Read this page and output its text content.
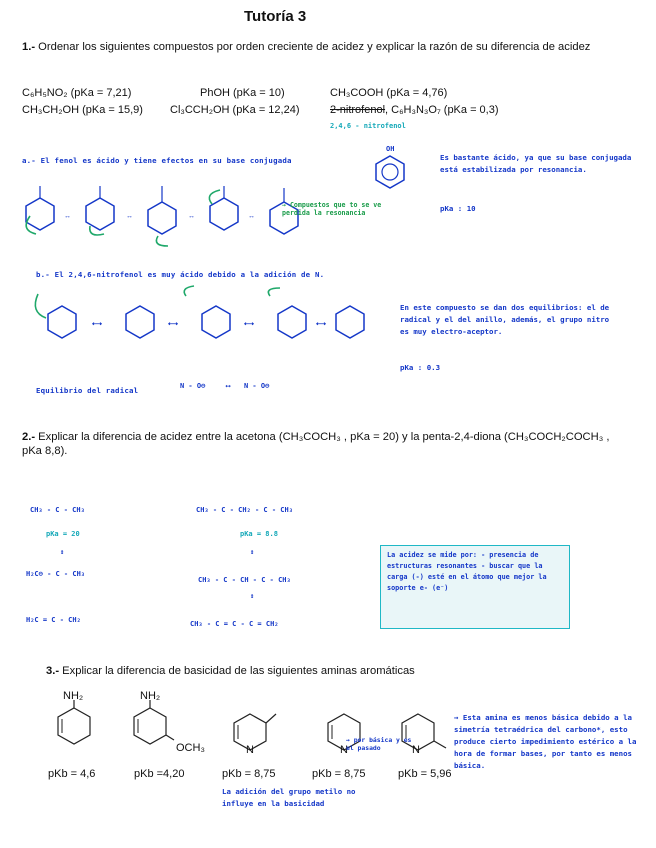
Tutoría 3
1.- Ordenar los siguientes compuestos por orden creciente de acidez y explicar la razón de su diferencia de acidez
C₆H₅NO₂ (pKa = 7,21)	PhOH (pKa = 10)	CH₃COOH (pKa = 4,76)
CH₃CH₂OH (pKa = 15,9) Cl₃CCH₂OH (pKa = 12,24)	2-nitrofenol, C₆H₃N₃O₇ (pKa = 0,3)
2,4,6 - nitrofenol
a.- El fenol es ácido y tiene efectos en su base conjugada
OH
Es bastante ácido, ya que su base conjugada está estabilizada por resonancia.
pKa : 10
↔	↔	↔	↔
→ Compuestos que to se ve perdida la resonancia
b.- El 2,4,6-nitrofenol es muy ácido debido a la adición de N.
⟷	⟷	⟷	⟷
En este compuesto se dan dos equilibrios: el de radical y el del anillo, además, el grupo nitro es muy electro-aceptor.
pKa : 0.3
Equilibrio del radical	N - O⊖	N - O⊖
⟷
2.- Explicar la diferencia de acidez entre la acetona (CH₃COCH₃ , pKa = 20) y la penta-2,4-diona (CH₃COCH₂COCH₃ , pKa 8,8).
CH₃ - C - CH₃
pKa = 20
↕
H₂C⊖ - C - CH₃
H₂C = C - CH₂
CH₃ - C - CH₂ - C - CH₃
pKa = 8.8
↕
CH₃ - C - CH - C - CH₃
↕
CH₃ - C = C - C = CH₂
La acidez se mide por: - presencia de estructuras resonantes - buscar que la carga (-) esté en el átomo que mejor la soporte e- (e⁻)
3.- Explicar la diferencia de basicidad de las siguientes aminas aromáticas
NH₂	NH₂
OCH₃	N	N	N
pKb = 4,6	pKb =4,20	pKb = 8,75	pKb = 8,75	pKb = 5,96
→ por básica y es el pasado
La adición del grupo metilo no influye en la basicidad
→ Esta amina es menos básica debido a la simetría tetraédrica del carbono*, esto produce cierto impedimiento estérico a la hora de formar bases, por tanto es menos básica.
